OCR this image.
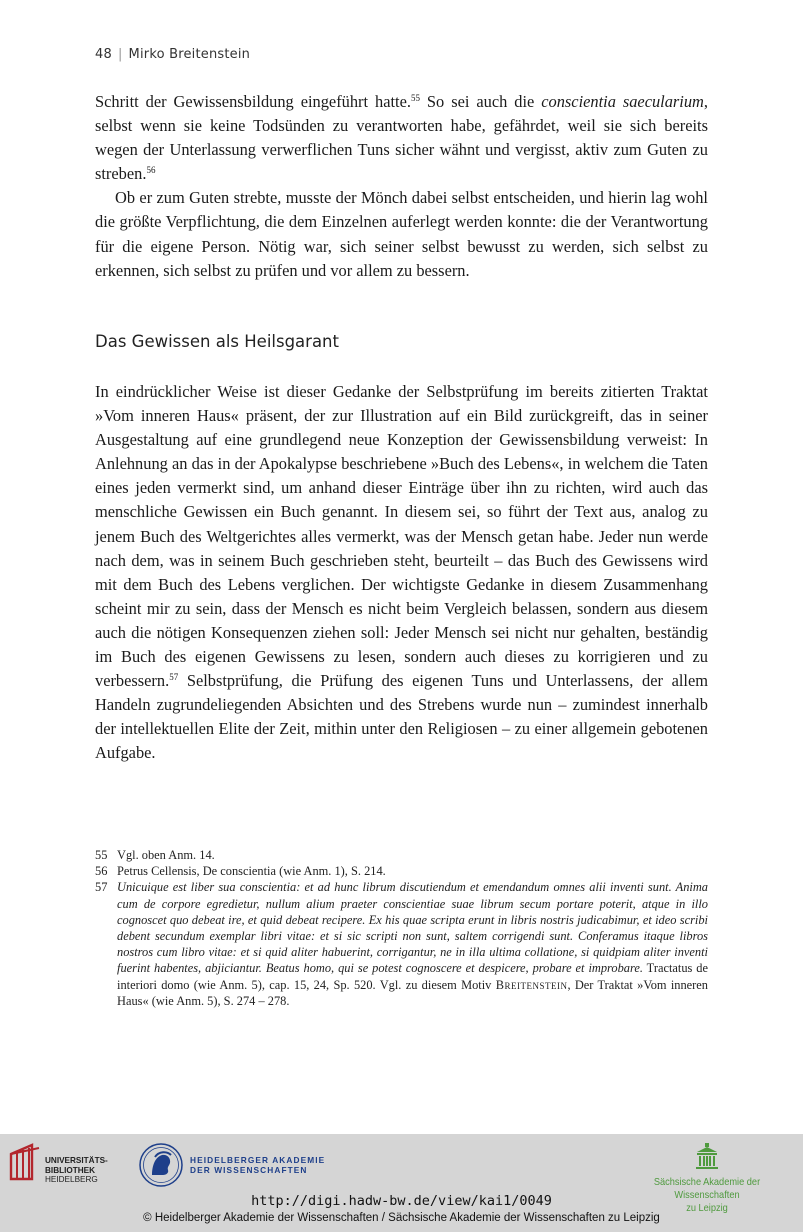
48 | Mirko Breitenstein

Schritt der Gewissensbildung eingeführt hatte.$^{55}$ So sei auch die conscientia saecularium, selbst wenn sie keine Todsünden zu verantworten habe, gefährdet, weil sie sich bereits wegen der Unterlassung verwerflichen Tuns sicher wähnt und vergisst, aktiv zum Guten zu streben.$^{56}$

Ob er zum Guten strebte, musste der Mönch dabei selbst entscheiden, und hierin lag wohl die größte Verpflichtung, die dem Einzelnen auferlegt werden konnte: die der Verantwortung für die eigene Person. Nötig war, sich seiner selbst bewusst zu werden, sich selbst zu erkennen, sich selbst zu prüfen und vor allem zu bessern.

Das Gewissen als Heilsgarant

In eindrücklicher Weise ist dieser Gedanke der Selbstprüfung im bereits zitierten Traktat »Vom inneren Haus« präsent, der zur Illustration auf ein Bild zurückgreift, das in seiner Ausgestaltung auf eine grundlegend neue Konzeption der Gewissensbildung verweist: In Anlehnung an das in der Apokalypse beschriebene »Buch des Lebens«, in welchem die Taten eines jeden vermerkt sind, um anhand dieser Einträge über ihn zu richten, wird auch das menschliche Gewissen ein Buch genannt. In diesem sei, so führt der Text aus, analog zu jenem Buch des Weltgerichtes alles vermerkt, was der Mensch getan habe. Jeder nun werde nach dem, was in seinem Buch geschrieben steht, beurteilt – das Buch des Gewissens wird mit dem Buch des Lebens verglichen. Der wichtigste Gedanke in diesem Zusammenhang scheint mir zu sein, dass der Mensch es nicht beim Vergleich belassen, sondern aus diesem auch die nötigen Konsequenzen ziehen soll: Jeder Mensch sei nicht nur gehalten, beständig im Buch des eigenen Gewissens zu lesen, sondern auch dieses zu korrigieren und zu verbessern.$^{57}$ Selbstprüfung, die Prüfung des eigenen Tuns und Unterlassens, der allem Handeln zugrundeliegenden Absichten und des Strebens wurde nun – zumindest innerhalb der intellektuellen Elite der Zeit, mithin unter den Religiosen – zu einer allgemein gebotenen Aufgabe.

55 Vgl. oben Anm. 14.
56 Petrus Cellensis, De conscientia (wie Anm. 1), S. 214.
57 Unicuique est liber sua conscientia: et ad hunc librum discutiendum et emendandum omnes alii inventi sunt. Anima cum de corpore egredietur, nullum alium praeter conscientiae suae librum secum portare poterit, atque in illo cognoscet quo debeat ire, et quid debeat recipere. Ex his quae scripta erunt in libris nostris judicabimur, et ideo scribi debent secundum exemplar libri vitae: et si sic scripti non sunt, saltem corrigendi sunt. Conferamus itaque libros nostros cum libro vitae: et si quid aliter habuerint, corrigantur, ne in illa ultima collatione, si quidpiam aliter inventi fuerint habentes, abjiciantur. Beatus homo, qui se potest cognoscere et despicere, probare et improbare. Tractatus de interiori domo (wie Anm. 5), cap. 15, 24, Sp. 520. Vgl. zu diesem Motiv Breitenstein, Der Traktat »Vom inneren Haus« (wie Anm. 5), S. 274 – 278.
UNIVERSITÄTS-
BIBLIOTHEK
HEIDELBERG
HEIDELBERGER AKADEMIE
DER WISSENSCHAFTEN
Sächsische Akademie der Wissenschaften
zu Leipzig
http://digi.hadw-bw.de/view/kai1/0049
© Heidelberger Akademie der Wissenschaften / Sächsische Akademie der Wissenschaften zu Leipzig
